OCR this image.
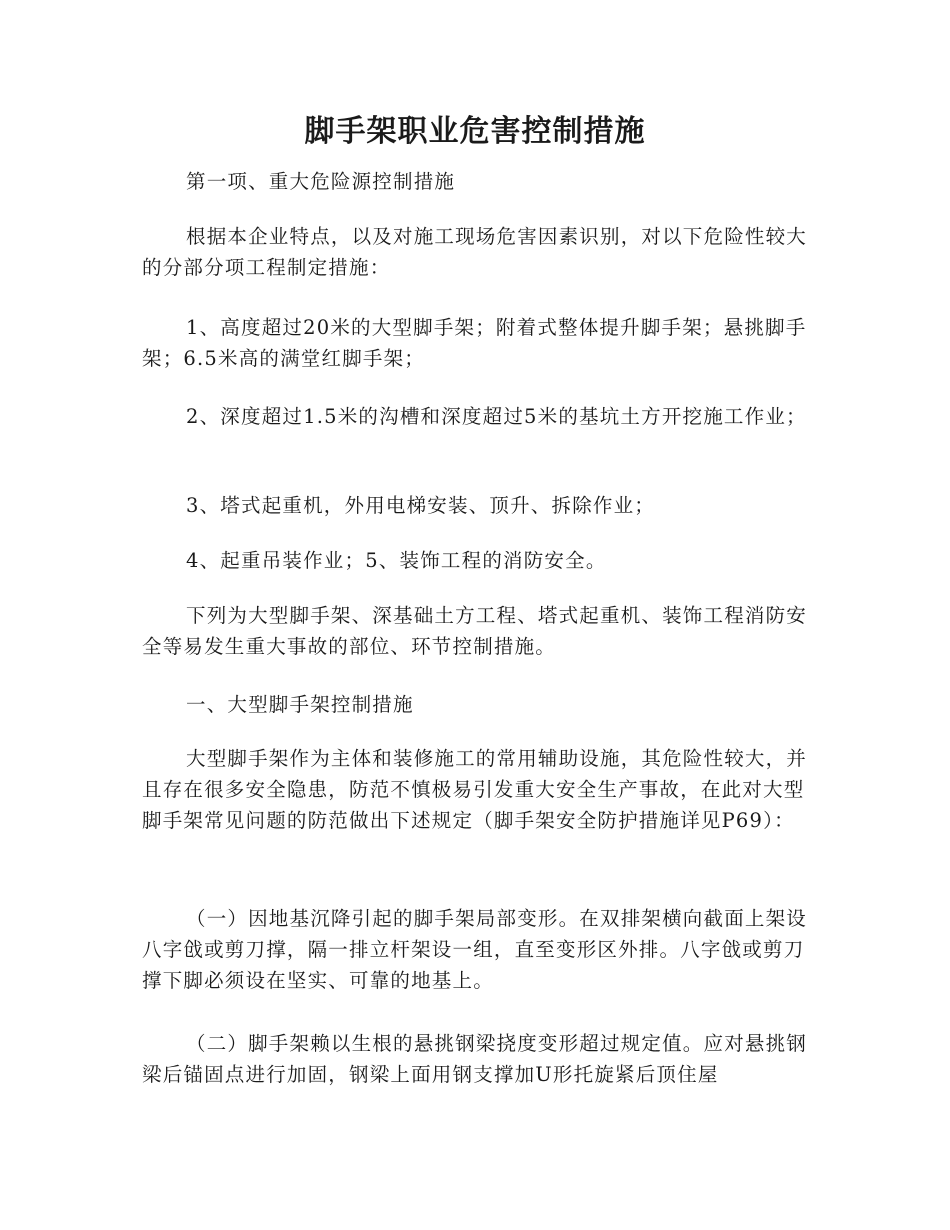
脚手架职业危害控制措施

第一项、重大危险源控制措施

根据本企业特点，以及对施工现场危害因素识别，对以下危险性较大的分部分项工程制定措施：

1、高度超过20米的大型脚手架；附着式整体提升脚手架；悬挑脚手架；6.5米高的满堂红脚手架；

2、深度超过1.5米的沟槽和深度超过5米的基坑土方开挖施工作业；

3、塔式起重机，外用电梯安装、顶升、拆除作业；

4、起重吊装作业；5、装饰工程的消防安全。

下列为大型脚手架、深基础土方工程、塔式起重机、装饰工程消防安全等易发生重大事故的部位、环节控制措施。

一、大型脚手架控制措施

大型脚手架作为主体和装修施工的常用辅助设施，其危险性较大，并且存在很多安全隐患，防范不慎极易引发重大安全生产事故，在此对大型脚手架常见问题的防范做出下述规定（脚手架安全防护措施详见P69）：

（一）因地基沉降引起的脚手架局部变形。在双排架横向截面上架设八字戗或剪刀撑，隔一排立杆架设一组，直至变形区外排。八字戗或剪刀撑下脚必须设在坚实、可靠的地基上。

（二）脚手架赖以生根的悬挑钢梁挠度变形超过规定值。应对悬挑钢梁后锚固点进行加固，钢梁上面用钢支撑加U形托旋紧后顶住屋
